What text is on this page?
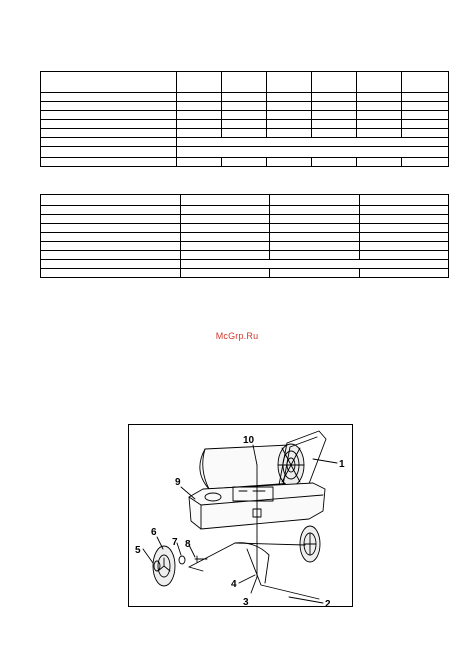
McGrp.Ru
1
2
3
4
5
6
7 8
9
10
